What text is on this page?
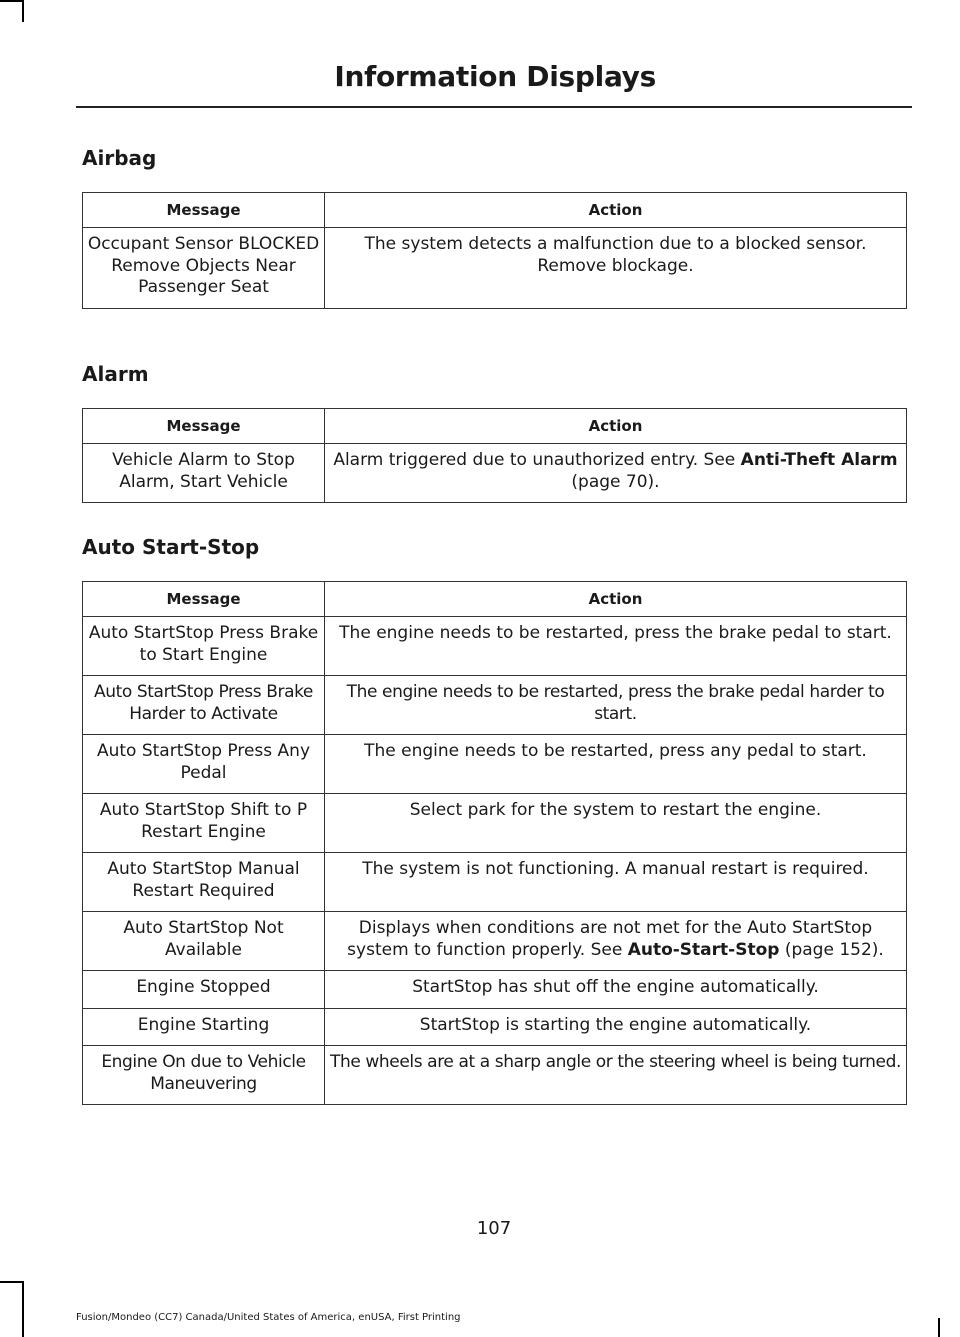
Information Displays
Airbag
Message	Action
Occupant Sensor BLOCKED Remove Objects Near Passenger Seat	The system detects a malfunction due to a blocked sensor. Remove blockage.
Alarm
Message	Action
Vehicle Alarm to Stop Alarm, Start Vehicle	Alarm triggered due to unauthorized entry. See Anti-Theft Alarm (page 70).
Auto Start-Stop
Message	Action
Auto StartStop Press Brake to Start Engine	The engine needs to be restarted, press the brake pedal to start.
Auto StartStop Press Brake Harder to Activate	The engine needs to be restarted, press the brake pedal harder to start.
Auto StartStop Press Any Pedal	The engine needs to be restarted, press any pedal to start.
Auto StartStop Shift to P Restart Engine	Select park for the system to restart the engine.
Auto StartStop Manual Restart Required	The system is not functioning. A manual restart is required.
Auto StartStop Not Available	Displays when conditions are not met for the Auto StartStop system to function properly. See Auto-Start-Stop (page 152).
Engine Stopped	StartStop has shut off the engine automatically.
Engine Starting	StartStop is starting the engine automatically.
Engine On due to Vehicle Maneuvering	The wheels are at a sharp angle or the steering wheel is being turned.
107
Fusion/Mondeo (CC7) Canada/United States of America, enUSA, First Printing
